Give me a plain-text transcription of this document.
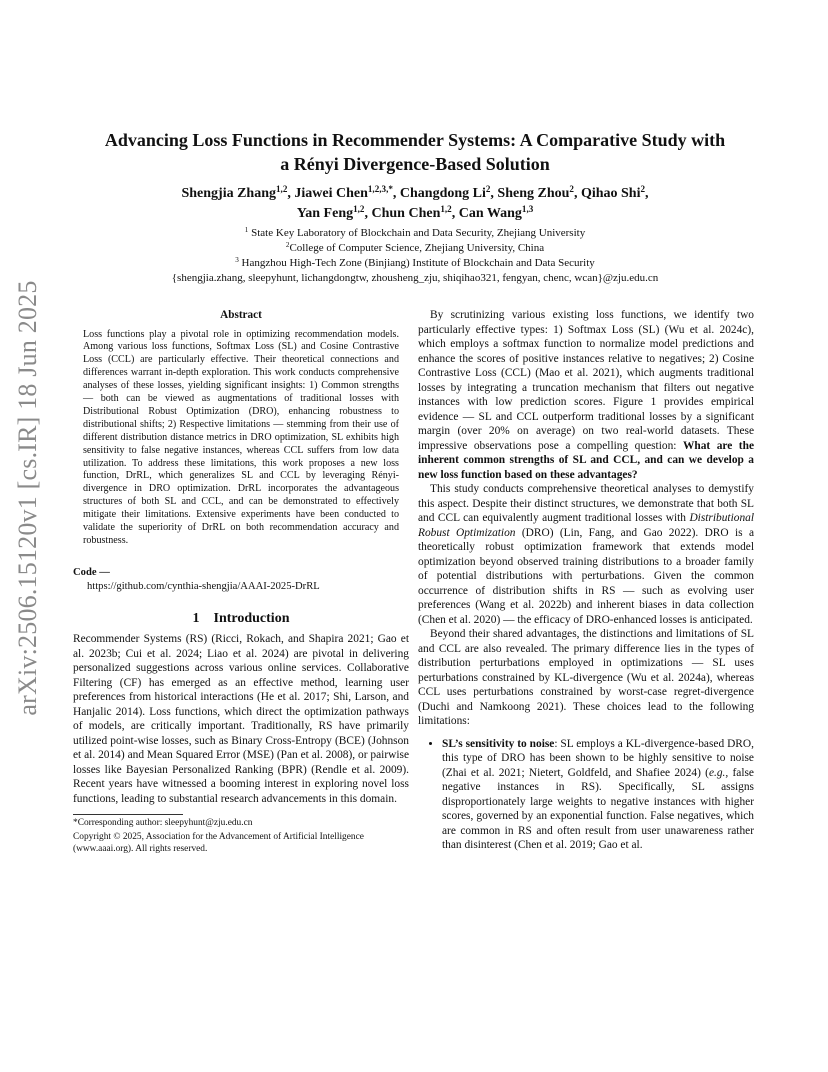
arXiv:2506.15120v1 [cs.IR] 18 Jun 2025
Advancing Loss Functions in Recommender Systems: A Comparative Study with
a Rényi Divergence-Based Solution
Shengjia Zhang$^{1,2}$, Jiawei Chen$^{1,2,3,*}$, Changdong Li$^2$, Sheng Zhou$^2$, Qihao Shi$^2$,
Yan Feng$^{1,2}$, Chun Chen$^{1,2}$, Can Wang$^{1,3}$
$^1$ State Key Laboratory of Blockchain and Data Security, Zhejiang University
$^2$College of Computer Science, Zhejiang University, China
$^3$ Hangzhou High-Tech Zone (Binjiang) Institute of Blockchain and Data Security
{shengjia.zhang, sleepyhunt, lichangdongtw, zhousheng_zju, shiqihao321, fengyan, chenc, wcan}@zju.edu.cn
Abstract

Loss functions play a pivotal role in optimizing recommendation models. Among various loss functions, Softmax Loss (SL) and Cosine Contrastive Loss (CCL) are particularly effective. Their theoretical connections and differences warrant in-depth exploration. This work conducts comprehensive analyses of these losses, yielding significant insights: 1) Common strengths — both can be viewed as augmentations of traditional losses with Distributional Robust Optimization (DRO), enhancing robustness to distributional shifts; 2) Respective limitations — stemming from their use of different distribution distance metrics in DRO optimization, SL exhibits high sensitivity to false negative instances, whereas CCL suffers from low data utilization. To address these limitations, this work proposes a new loss function, DrRL, which generalizes SL and CCL by leveraging Rényi-divergence in DRO optimization. DrRL incorporates the advantageous structures of both SL and CCL, and can be demonstrated to effectively mitigate their limitations. Extensive experiments have been conducted to validate the superiority of DrRL on both recommendation accuracy and robustness.

Code —
https://github.com/cynthia-shengjia/AAAI-2025-DrRL
1 Introduction

Recommender Systems (RS) (Ricci, Rokach, and Shapira 2021; Gao et al. 2023b; Cui et al. 2024; Liao et al. 2024) are pivotal in delivering personalized suggestions across various online services. Collaborative Filtering (CF) has emerged as an effective method, learning user preferences from historical interactions (He et al. 2017; Shi, Larson, and Hanjalic 2014). Loss functions, which direct the optimization pathways of models, are critically important. Traditionally, RS have primarily utilized point-wise losses, such as Binary Cross-Entropy (BCE) (Johnson et al. 2014) and Mean Squared Error (MSE) (Pan et al. 2008), or pairwise losses like Bayesian Personalized Ranking (BPR) (Rendle et al. 2009). Recent years have witnessed a booming interest in exploring novel loss functions, leading to substantial research advancements in this domain.

*Corresponding author: sleepyhunt@zju.edu.cn
Copyright © 2025, Association for the Advancement of Artificial Intelligence (www.aaai.org). All rights reserved.

By scrutinizing various existing loss functions, we identify two particularly effective types: 1) Softmax Loss (SL) (Wu et al. 2024c), which employs a softmax function to normalize model predictions and enhance the scores of positive instances relative to negatives; 2) Cosine Contrastive Loss (CCL) (Mao et al. 2021), which augments traditional losses by integrating a truncation mechanism that filters out negative instances with low prediction scores. Figure 1 provides empirical evidence — SL and CCL outperform traditional losses by a significant margin (over 20% on average) on two real-world datasets. These impressive observations pose a compelling question: What are the inherent common strengths of SL and CCL, and can we develop a new loss function based on these advantages?

This study conducts comprehensive theoretical analyses to demystify this aspect. Despite their distinct structures, we demonstrate that both SL and CCL can equivalently augment traditional losses with Distributional Robust Optimization (DRO) (Lin, Fang, and Gao 2022). DRO is a theoretically robust optimization framework that extends model optimization beyond observed training distributions to a broader family of potential distributions with perturbations. Given the common occurrence of distribution shifts in RS — such as evolving user preferences (Wang et al. 2022b) and inherent biases in data collection (Chen et al. 2020) — the efficacy of DRO-enhanced losses is anticipated.

Beyond their shared advantages, the distinctions and limitations of SL and CCL are also revealed. The primary difference lies in the types of distribution perturbations employed in optimizations — SL uses perturbations constrained by KL-divergence (Wu et al. 2024a), whereas CCL uses perturbations constrained by worst-case regret-divergence (Duchi and Namkoong 2021). These choices lead to the following limitations:

• SL’s sensitivity to noise: SL employs a KL-divergence-based DRO, this type of DRO has been shown to be highly sensitive to noise (Zhai et al. 2021; Nietert, Goldfeld, and Shafiee 2024) (e.g., false negative instances in RS). Specifically, SL assigns disproportionately large weights to negative instances with higher scores, governed by an exponential function. False negatives, which are common in RS and often result from user unawareness rather than disinterest (Chen et al. 2019; Gao et al.
